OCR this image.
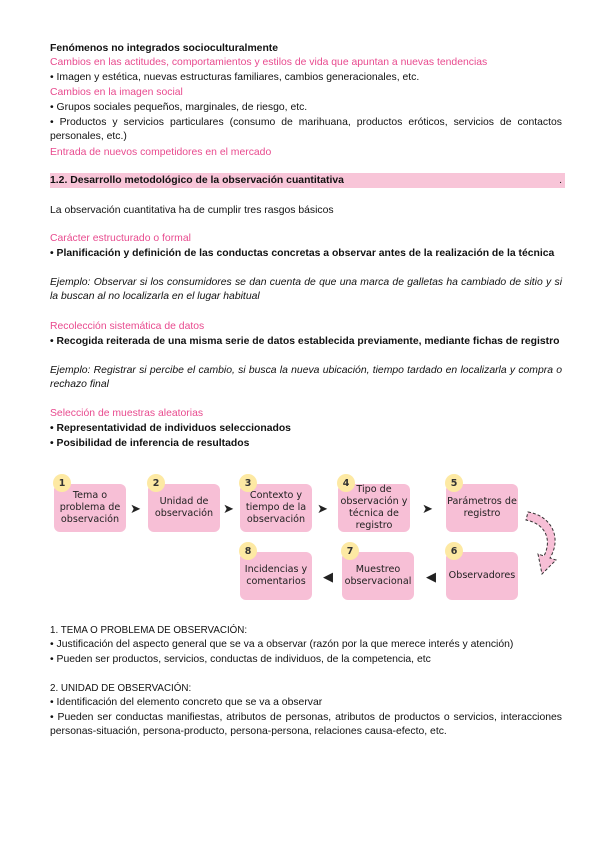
Fenómenos no integrados socioculturalmente
Cambios en las actitudes, comportamientos y estilos de vida que apuntan a nuevas tendencias
• Imagen y estética, nuevas estructuras familiares, cambios generacionales, etc.
Cambios en la imagen social
• Grupos sociales pequeños, marginales, de riesgo, etc.
• Productos y servicios particulares (consumo de marihuana, productos eróticos, servicios de contactos personales, etc.)
Entrada de nuevos competidores en el mercado
1.2. Desarrollo metodológico de la observación cuantitativa	.
La observación cuantitativa ha de cumplir tres rasgos básicos
Carácter estructurado o formal
• Planificación y definición de las conductas concretas a observar antes de la realización de la técnica
Ejemplo: Observar si los consumidores se dan cuenta de que una marca de galletas ha cambiado de sitio y si la buscan al no localizarla en el lugar habitual
Recolección sistemática de datos
• Recogida reiterada de una misma serie de datos establecida previamente, mediante fichas de registro
Ejemplo: Registrar si percibe el cambio, si busca la nueva ubicación, tiempo tardado en localizarla y compra o rechazo final
Selección de muestras aleatorias
• Representatividad de individuos seleccionados
• Posibilidad de inferencia de resultados
Tema o problema de observación
1
Unidad de observación
2
Contexto y tiempo de la observación
3
Tipo de observación y técnica de registro
4
Parámetros de registro
5
Observadores
6
Muestreo observacional
7
Incidencias y comentarios
8
➤	➤	➤	➤
◀
◀
1. TEMA O PROBLEMA DE OBSERVACIÓN:
• Justificación del aspecto general que se va a observar (razón por la que merece interés y atención)
• Pueden ser productos, servicios, conductas de individuos, de la competencia, etc
2. UNIDAD DE OBSERVACIÓN:
• Identificación del elemento concreto que se va a observar
• Pueden ser conductas manifiestas, atributos de personas, atributos de productos o servicios, interacciones personas-situación, persona-producto, persona-persona, relaciones causa-efecto, etc.
